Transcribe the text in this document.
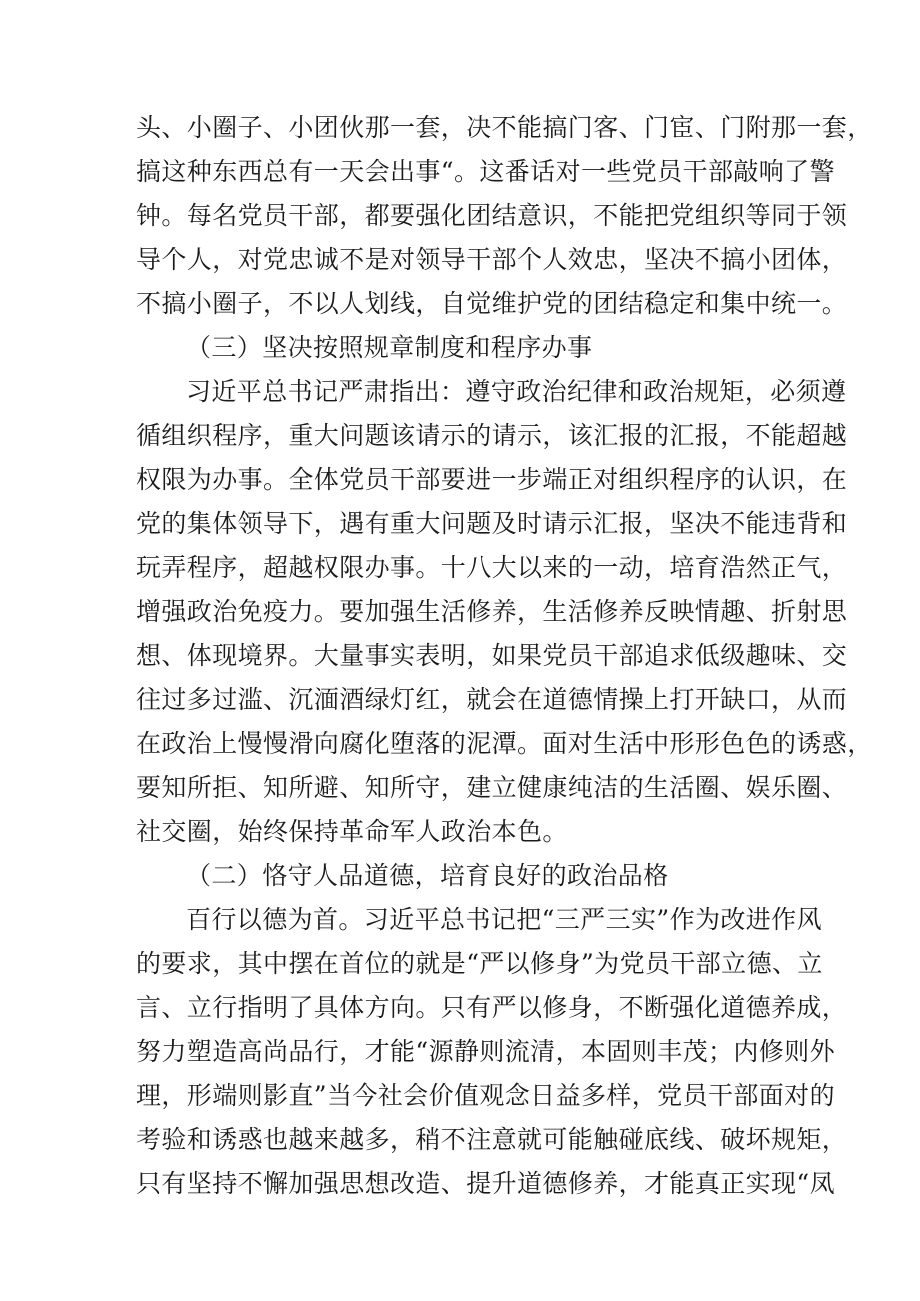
头、小圈子、小团伙那一套，决不能搞门客、门宦、门附那一套，
搞这种东西总有一天会出事“。这番话对一些党员干部敲响了警
钟。每名党员干部，都要强化团结意识，不能把党组织等同于领
导个人，对党忠诚不是对领导干部个人效忠，坚决不搞小团体，
不搞小圈子，不以人划线，自觉维护党的团结稳定和集中统一。
（三）坚决按照规章制度和程序办事
习近平总书记严肃指出：遵守政治纪律和政治规矩，必须遵
循组织程序，重大问题该请示的请示，该汇报的汇报，不能超越
权限为办事。全体党员干部要进一步端正对组织程序的认识，在
党的集体领导下，遇有重大问题及时请示汇报，坚决不能违背和
玩弄程序，超越权限办事。十八大以来的一动，培育浩然正气，
增强政治免疫力。要加强生活修养，生活修养反映情趣、折射思
想、体现境界。大量事实表明，如果党员干部追求低级趣味、交
往过多过滥、沉湎酒绿灯红，就会在道德情操上打开缺口，从而
在政治上慢慢滑向腐化堕落的泥潭。面对生活中形形色色的诱惑，
要知所拒、知所避、知所守，建立健康纯洁的生活圈、娱乐圈、
社交圈，始终保持革命军人政治本色。
（二）恪守人品道德，培育良好的政治品格
百行以德为首。习近平总书记把“三严三实”作为改进作风
的要求，其中摆在首位的就是“严以修身”为党员干部立德、立
言、立行指明了具体方向。只有严以修身，不断强化道德养成，
努力塑造高尚品行，才能“源静则流清，本固则丰茂；内修则外
理，形端则影直”当今社会价值观念日益多样，党员干部面对的
考验和诱惑也越来越多，稍不注意就可能触碰底线、破坏规矩，
只有坚持不懈加强思想改造、提升道德修养，才能真正实现“凤
